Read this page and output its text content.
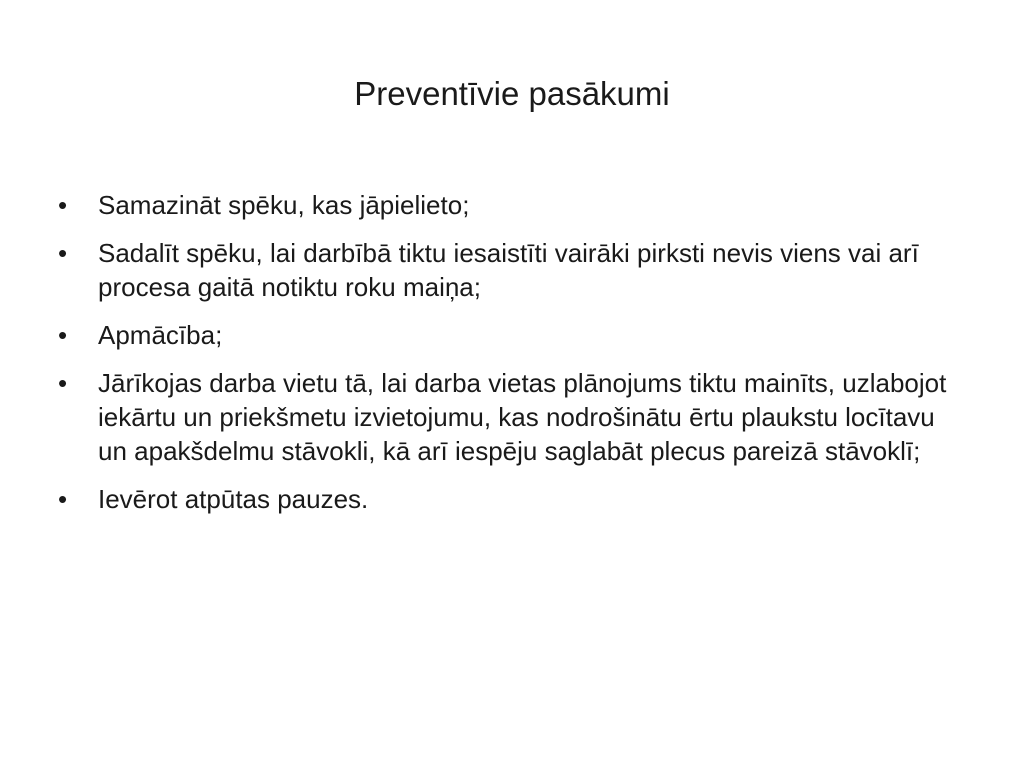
Preventīvie pasākumi
•	Samazināt spēku, kas jāpielieto;
•	Sadalīt spēku, lai darbībā tiktu iesaistīti vairāki pirksti nevis viens vai arī procesa gaitā notiktu roku maiņa;
•	Apmācība;
•	Jārīkojas darba vietu tā, lai darba vietas plānojums tiktu mainīts, uzlabojot iekārtu un priekšmetu izvietojumu, kas nodrošinātu ērtu plaukstu locītavu un apakšdelmu stāvokli, kā arī iespēju saglabāt plecus pareizā stāvoklī;
•	Ievērot atpūtas pauzes.
